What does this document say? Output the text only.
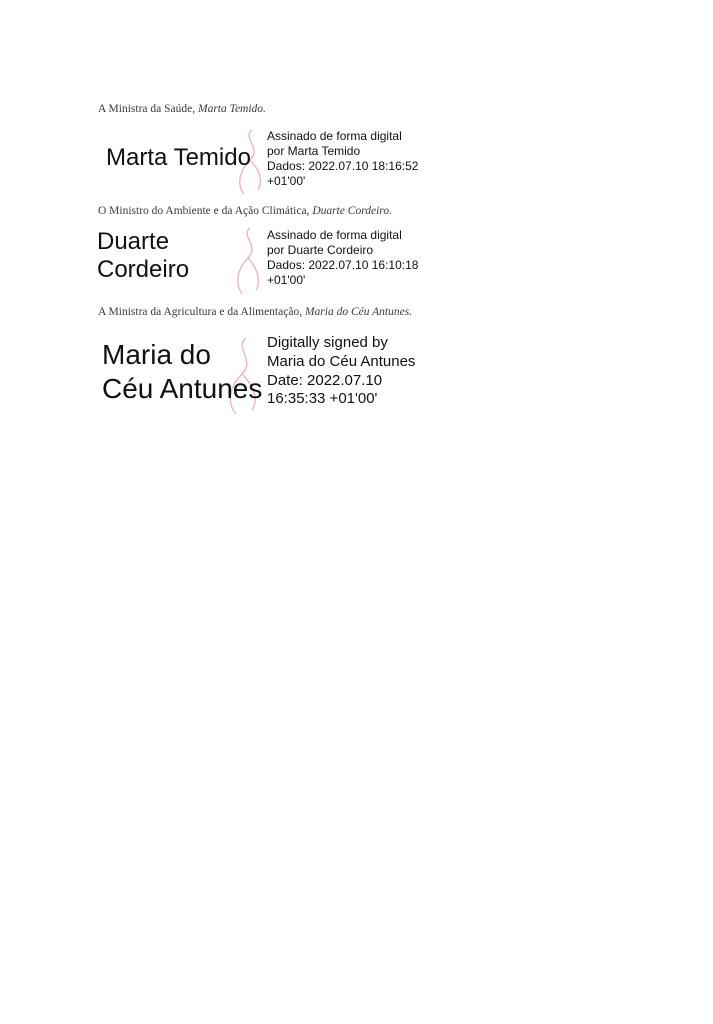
A Ministra da Saúde, Marta Temido.
Marta Temido
Assinado de forma digital
por Marta Temido
Dados: 2022.07.10 18:16:52
+01'00'
O Ministro do Ambiente e da Ação Climática, Duarte Cordeiro.
Duarte
Cordeiro
Assinado de forma digital
por Duarte Cordeiro
Dados: 2022.07.10 16:10:18
+01'00'
A Ministra da Agricultura e da Alimentação, Maria do Céu Antunes.
Maria do
Céu Antunes
Digitally signed by
Maria do Céu Antunes
Date: 2022.07.10
16:35:33 +01'00'
